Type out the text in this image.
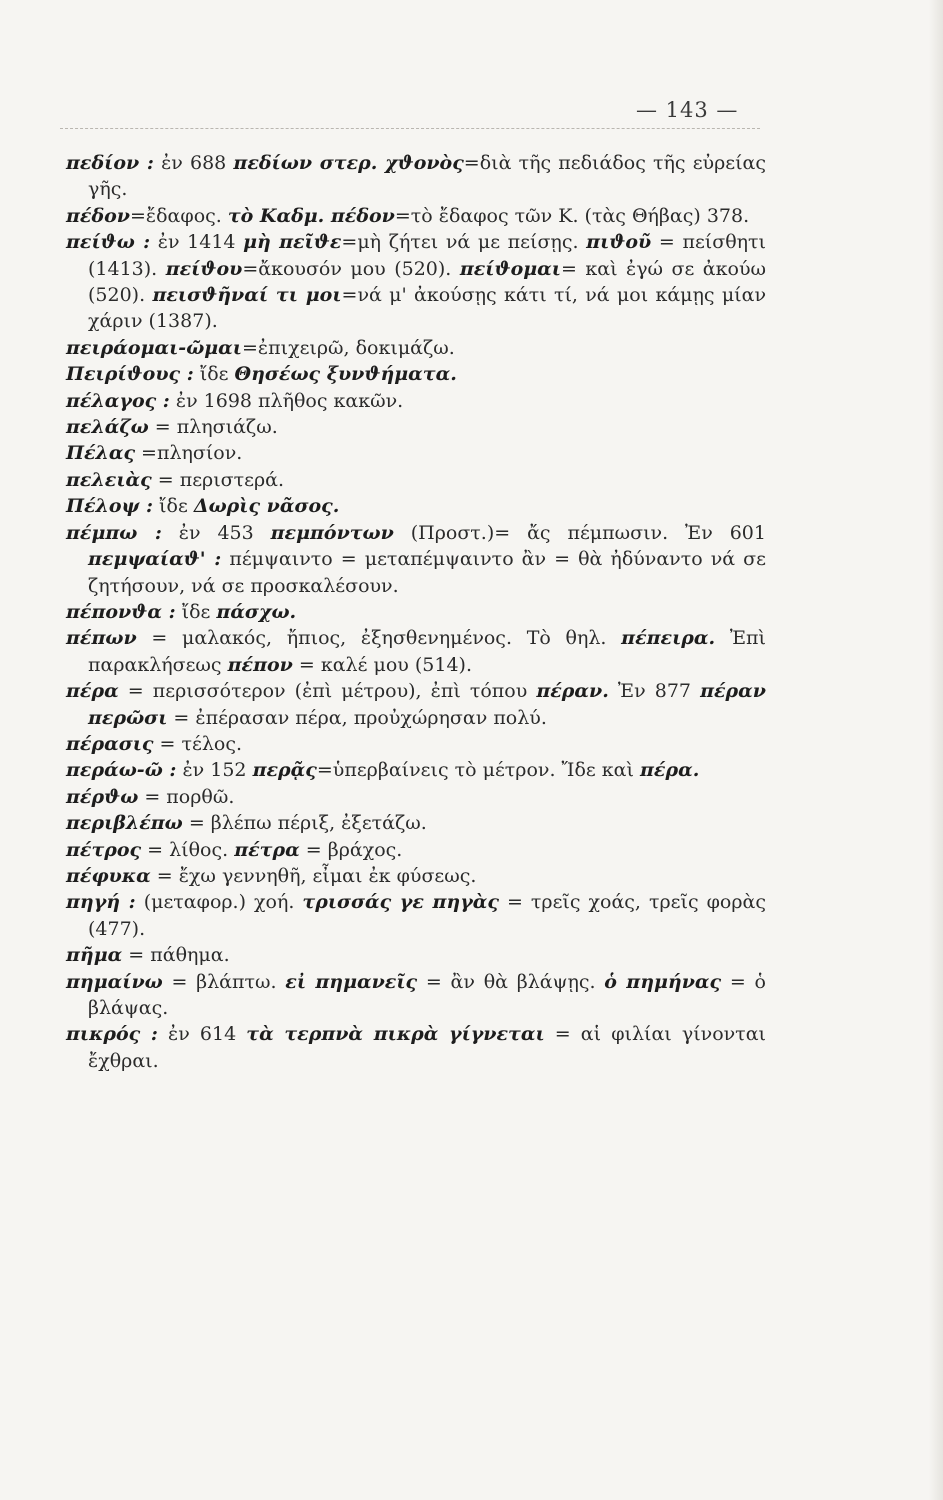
— 143 —
πεδίον : ἐν 688 πεδίων στερ. χϑονὸς=διὰ τῆς πεδιάδος τῆς εὐρείας γῆς.
πέδον=ἔδαφος. τὸ Καδμ. πέδον=τὸ ἔδαφος τῶν Κ. (τὰς Θήβας) 378.
πείϑω : ἐν 1414 μὴ πεῖϑε=μὴ ζήτει νά με πείσῃς. πιϑοῦ = πείσθητι (1413). πείϑου=ἄκουσόν μου (520). πείϑομαι= καὶ ἐγώ σε ἀκούω (520). πεισϑῆναί τι μοι=νά μ' ἀκούσῃς κάτι τί, νά μοι κάμῃς μίαν χάριν (1387).
πειράομαι-ῶμαι=ἐπιχειρῶ, δοκιμάζω.
Πειρίϑους : ἴδε Θησέως ξυνϑήματα.
πέλαγος : ἐν 1698 πλῆθος κακῶν.
πελάζω = πλησιάζω.
Πέλας =πλησίον.
πελειὰς = περιστερά.
Πέλοψ : ἴδε Δωρὶς νᾶσος.
πέμπω : ἐν 453 πεμπόντων (Προστ.)= ἄς πέμπωσιν. Ἐν 601 πεμψαίαϑ' : πέμψαιντο = μεταπέμψαιντο ἂν = θὰ ἠδύναντο νά σε ζητήσουν, νά σε προσκαλέσουν.
πέπονϑα : ἴδε πάσχω.
πέπων = μαλακός, ἤπιος, ἐξησθενημένος. Τὸ θηλ. πέπειρα. Ἐπὶ παρακλήσεως πέπον = καλέ μου (514).
πέρα = περισσότερον (ἐπὶ μέτρου), ἐπὶ τόπου πέραν. Ἐν 877 πέραν περῶσι = ἐπέρασαν πέρα, προὐχώρησαν πολύ.
πέρασις = τέλος.
περάω-ῶ : ἐν 152 περᾷς=ὑπερβαίνεις τὸ μέτρον. Ἴδε καὶ πέρα.
πέρϑω = πορθῶ.
περιβλέπω = βλέπω πέριξ, ἐξετάζω.
πέτρος = λίθος. πέτρα = βράχος.
πέφυκα = ἔχω γεννηθῆ, εἶμαι ἐκ φύσεως.
πηγή : (μεταφορ.) χοή. τρισσάς γε πηγὰς = τρεῖς χοάς, τρεῖς φορὰς (477).
πῆμα = πάθημα.
πημαίνω = βλάπτω. εἰ πημανεῖς = ἂν θὰ βλάψῃς. ὁ πημήνας = ὁ βλάψας.
πικρός : ἐν 614 τὰ τερπνὰ πικρὰ γίγνεται = αἱ φιλίαι γίνονται ἔχθραι.
